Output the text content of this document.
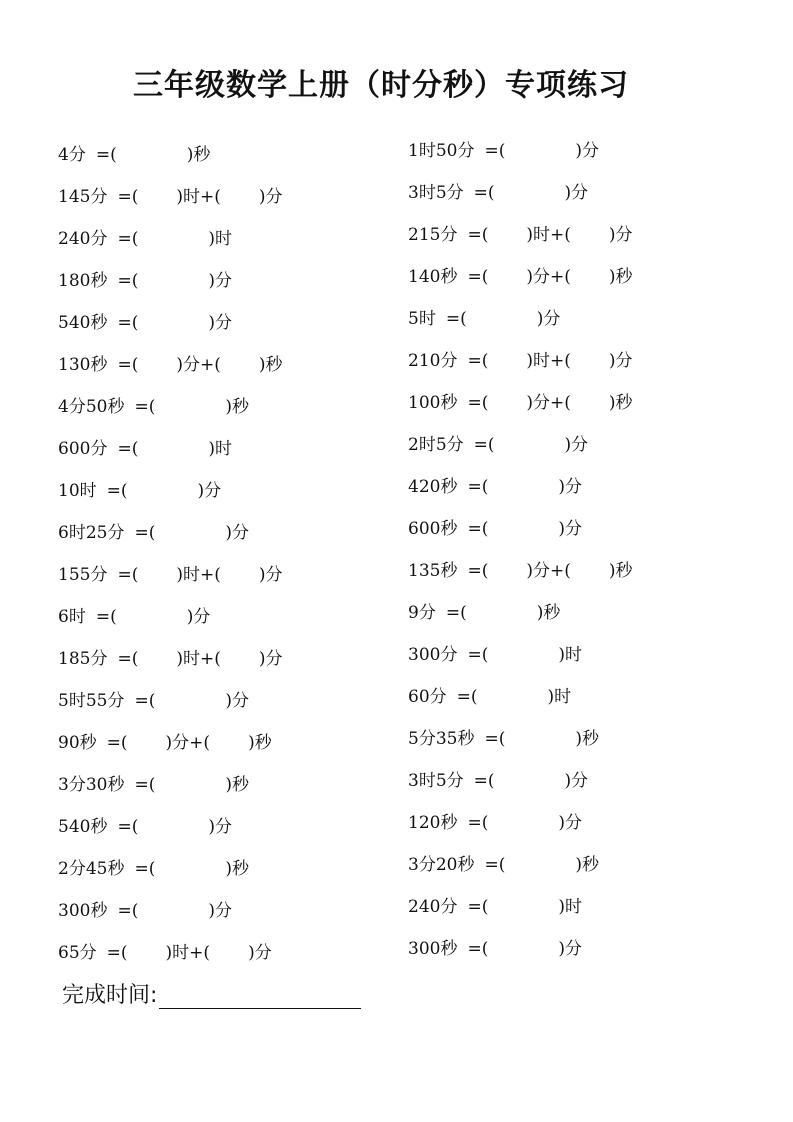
三年级数学上册（时分秒）专项练习
4分 =(	) 秒
145分 =( ) 时 +( ) 分
240分 =(	) 时
180秒 =(	) 分
540秒 =(	) 分
130秒 =( ) 分 +( ) 秒
4分50秒 =(	) 秒
600分 =(	) 时
10时 =(	) 分
6时25分 =(	) 分
155分 =( ) 时 +( ) 分
6时 =(	) 分
185分 =( ) 时 +( ) 分
5时55分 =(	) 分
90秒 =( ) 分 +( ) 秒
3分30秒 =(	) 秒
540秒 =(	) 分
2分45秒 =(	) 秒
300秒 =(	) 分
65分 =( ) 时 +( ) 分
1时50分 =(	) 分
3时5分 =(	) 分
215分 =( ) 时 +( ) 分
140秒 =( ) 分 +( ) 秒
5时 =(	) 分
210分 =( ) 时 +( ) 分
100秒 =( ) 分 +( ) 秒
2时5分 =(	) 分
420秒 =(	) 分
600秒 =(	) 分
135秒 =( ) 分 +( ) 秒
9分 =(	) 秒
300分 =(	) 时
60分 =(	) 时
5分35秒 =(	) 秒
3时5分 =(	) 分
120秒 =(	) 分
3分20秒 =(	) 秒
240分 =(	) 时
300秒 =(	) 分
完成时间:
